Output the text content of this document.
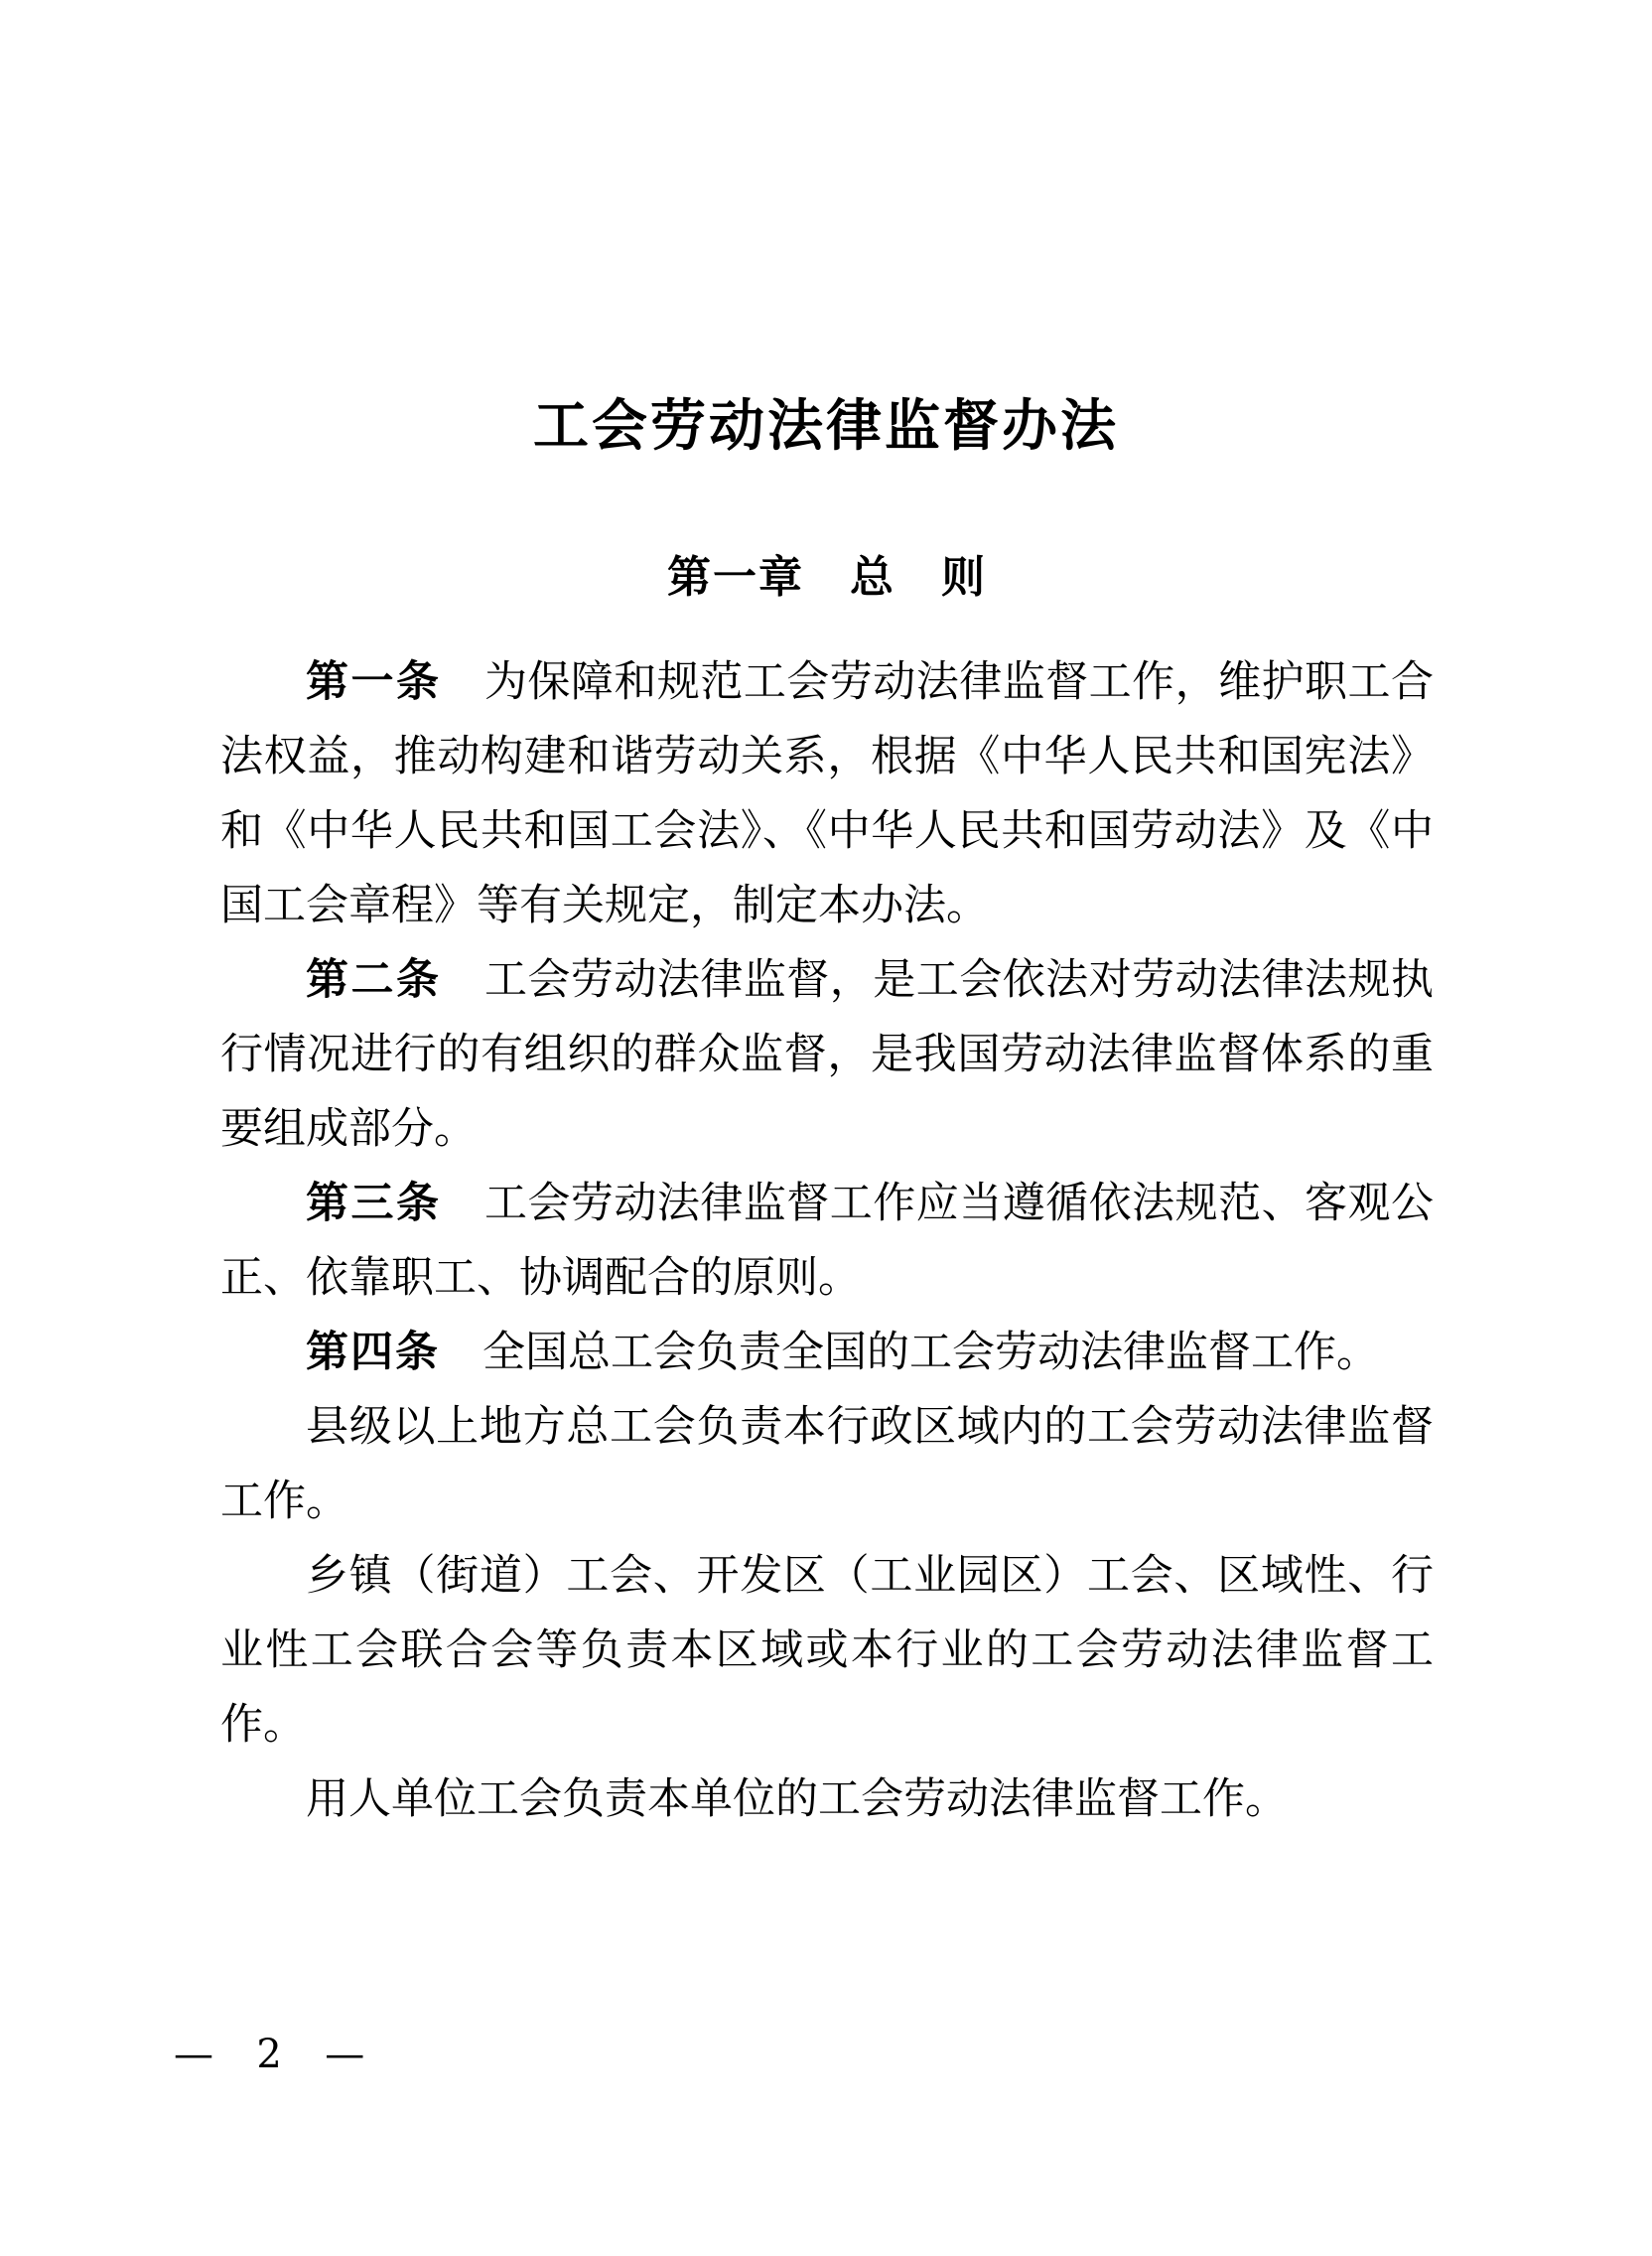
工会劳动法律监督办法
第一章　总　则

第一条　 为保障和规范工会劳动法律监督工作，维护职工合法权益，推动构建和谐劳动关系，根据《中华人民共和国宪法》和《中华人民共和国工会法》、《中华人民共和国劳动法》及《中国工会章程》等有关规定，制定本办法。

第二条　 工会劳动法律监督，是工会依法对劳动法律法规执行情况进行的有组织的群众监督，是我国劳动法律监督体系的重要组成部分。

第三条　 工会劳动法律监督工作应当遵循依法规范、客观公正、依靠职工、协调配合的原则。

第四条　 全国总工会负责全国的工会劳动法律监督工作。

县级以上地方总工会负责本行政区域内的工会劳动法律监督工作。

乡镇（街道）工会、开发区（工业园区）工会、区域性、行业性工会联合会等负责本区域或本行业的工会劳动法律监督工作。

用人单位工会负责本单位的工会劳动法律监督工作。

—  2  —
